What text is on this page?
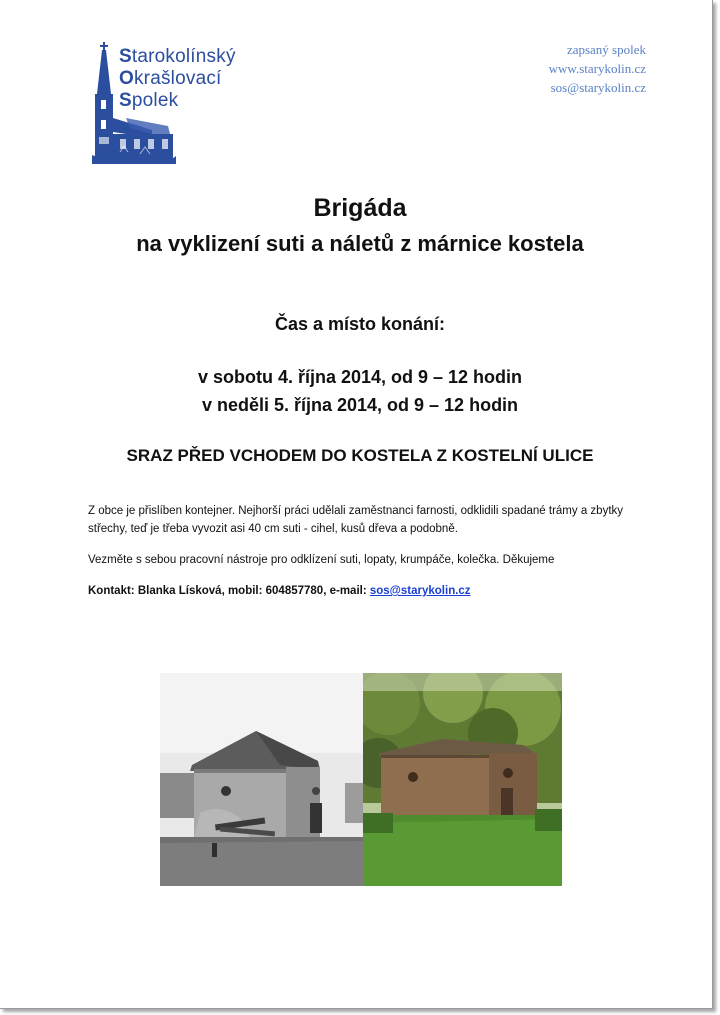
Starokolínský
Okrašlovací
Spolek
zapsaný spolek
www.starykolin.cz
sos@starykolin.cz
Brigáda
na vyklizení suti a náletů z márnice kostela
Čas a místo konání:
v sobotu 4. října 2014, od 9 – 12 hodin
v neděli 5. října 2014, od 9 – 12 hodin
SRAZ PŘED VCHODEM DO KOSTELA Z KOSTELNÍ ULICE
Z obce je přislíben kontejner. Nejhorší práci udělali zaměstnanci farnosti, odklidili spadané trámy a zbytky střechy, teď je třeba vyvozit asi 40 cm suti - cihel, kusů dřeva a podobně.
Vezměte s sebou pracovní nástroje pro odklízení suti, lopaty, krumpáče, kolečka. Děkujeme
Kontakt: Blanka Lísková, mobil: 604857780, e-mail: sos@starykolin.cz
